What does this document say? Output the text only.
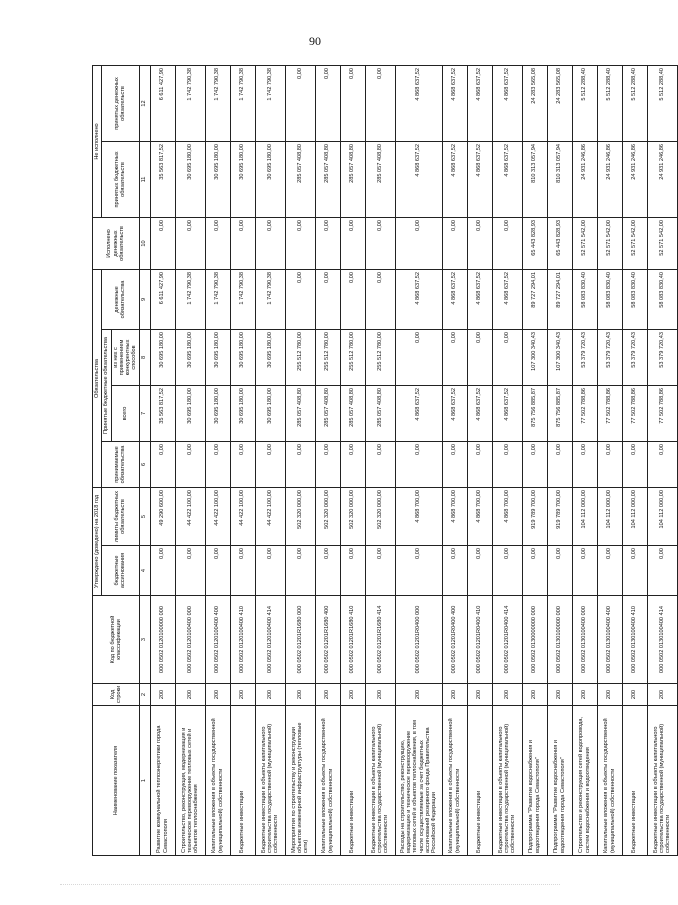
90
Наименование показателя	Код строки	Код по бюджетной классификации	Утверждено (доведено) на 2018 год		Обязательства				Исполнено денежных обязательств	Не исполнено	
			бюджетные ассигнования	лимиты бюджетных обязательств	принимаемые обязательства	Принятые бюджетные обязательства		денежные обязательства		принятых бюджетных обязательств	принятых денежных обязательств
						всего	из них с применением конкурентных способов				
1	2	3	4	5	6	7	8	9	10	11	12
Развитие коммунальной теплоэнергетики города Севастополя	200	000 0502 0120100000 000	0,00	49 290 600,00	0,00	35 563 817,52	30 695 180,00	6 611 427,90	0,00	35 563 817,52	6 611 427,90
Строительство, реконструкция, модернизация и техническое перевооружение тепловых сетей и объектов теплоснабжения	200	000 0502 0120100400 000	0,00	44 422 100,00	0,00	30 695 180,00	30 695 180,00	1 742 790,38	0,00	30 695 180,00	1 742 790,38
Капитальные вложения в объекты государственной (муниципальной) собственности	200	000 0502 0120100400 400	0,00	44 422 100,00	0,00	30 695 180,00	30 695 180,00	1 742 790,38	0,00	30 695 180,00	1 742 790,38
Бюджетные инвестиции	200	000 0502 0120100400 410	0,00	44 422 100,00	0,00	30 695 180,00	30 695 180,00	1 742 790,38	0,00	30 695 180,00	1 742 790,38
Бюджетные инвестиции в объекты капитального строительства государственной (муниципальной) собственности	200	000 0502 0120100400 414	0,00	44 422 100,00	0,00	30 695 180,00	30 695 180,00	1 742 790,38	0,00	30 695 180,00	1 742 790,38
Мероприятия по строительству и реконструкции объектов инженерной инфраструктуры (тепловые сети)	200	000 0502 01201R1680 000	0,00	502 320 000,00	0,00	285 057 408,80	255 512 780,00	0,00	0,00	285 057 408,80	0,00
Капитальные вложения в объекты государственной (муниципальной) собственности	200	000 0502 01201R1680 400	0,00	502 320 000,00	0,00	285 057 408,80	255 512 780,00	0,00	0,00	285 057 408,80	0,00
Бюджетные инвестиции	200	000 0502 01201R1680 410	0,00	502 320 000,00	0,00	285 057 408,80	255 512 780,00	0,00	0,00	285 057 408,80	0,00
Бюджетные инвестиции в объекты капитального строительства государственной (муниципальной) собственности	200	000 0502 01201R1680 414	0,00	502 320 000,00	0,00	285 057 408,80	255 512 780,00	0,00	0,00	285 057 408,80	0,00
Расходы на строительство, реконструкцию, модернизацию и техническое перевооружение тепловых сетей и объектов теплоснабжения, в том числе осуществляемые за счет бюджетных ассигнований резервного фонда Правительства Российской Федерации	200	000 0502 01201R0400 000	0,00	4 868 700,00	0,00	4 868 637,52	0,00	4 868 637,52	0,00	4 868 637,52	4 868 637,52
Капитальные вложения в объекты государственной (муниципальной) собственности	200	000 0502 01201R0400 400	0,00	4 868 700,00	0,00	4 868 637,52	0,00	4 868 637,52	0,00	4 868 637,52	4 868 637,52
Бюджетные инвестиции	200	000 0502 01201R0400 410	0,00	4 868 700,00	0,00	4 868 637,52	0,00	4 868 637,52	0,00	4 868 637,52	4 868 637,52
Бюджетные инвестиции в объекты капитального строительства государственной (муниципальной) собственности	200	000 0502 01201R0400 414	0,00	4 868 700,00	0,00	4 868 637,52	0,00	4 868 637,52	0,00	4 868 637,52	4 868 637,52
Подпрограмма "Развитие водоснабжения и водоотведения города Севастополя"	200	000 0502 0130000000 000	0,00	919 789 700,00	0,00	875 756 885,87	107 300 340,43	89 727 294,01	65 443 828,93	810 313 057,94	24 283 565,08
Подпрограмма "Развитие водоснабжения и водоотведения города Севастополя"	200	000 0502 0130100000 000	0,00	919 789 700,00	0,00	875 756 885,87	107 300 340,43	89 727 294,01	65 443 828,93	810 313 057,94	24 283 565,08
Строительство и реконструкция сетей водопровода, систем водоснабжения и водоотведения	200	000 0502 0130100400 000	0,00	104 112 000,00	0,00	77 502 788,86	53 379 720,43	58 083 830,40	52 571 542,00	24 931 246,86	5 512 288,40
Капитальные вложения в объекты государственной (муниципальной) собственности	200	000 0502 0130100400 400	0,00	104 112 000,00	0,00	77 502 788,86	53 379 720,43	58 083 830,40	52 571 542,00	24 931 246,86	5 512 288,40
Бюджетные инвестиции	200	000 0502 0130100400 410	0,00	104 112 000,00	0,00	77 502 788,86	53 379 720,43	58 083 830,40	52 571 542,00	24 931 246,86	5 512 288,40
Бюджетные инвестиции в объекты капитального строительства государственной (муниципальной) собственности	200	000 0502 0130100400 414	0,00	104 112 000,00	0,00	77 502 788,86	53 379 720,43	58 083 830,40	52 571 542,00	24 931 246,86	5 512 288,40
